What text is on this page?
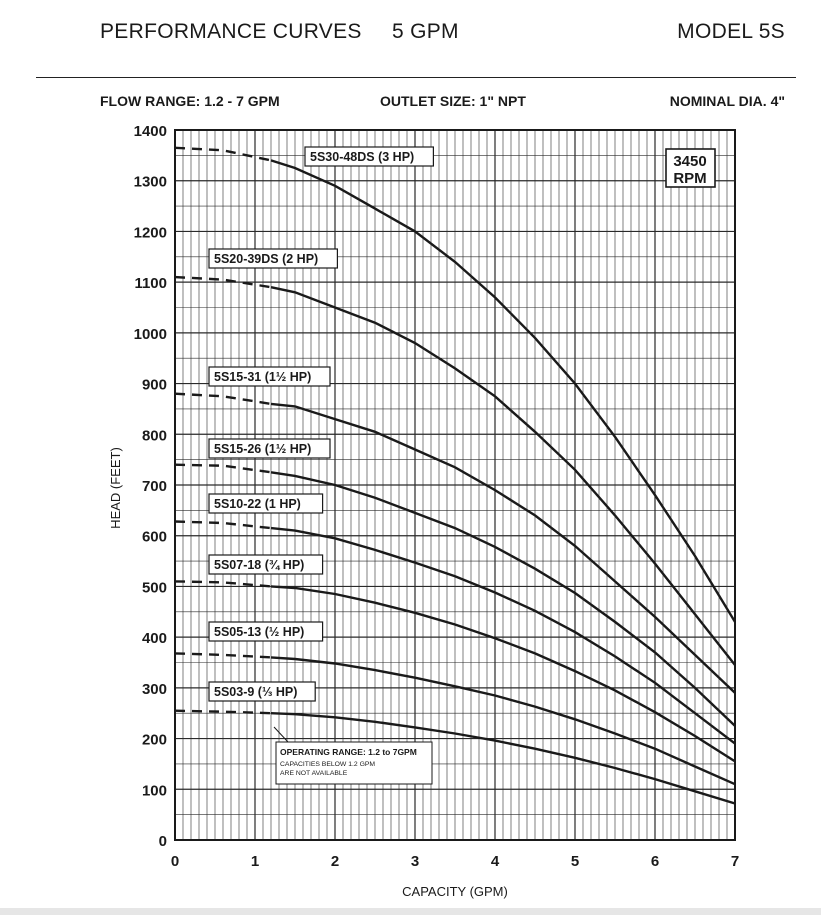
PERFORMANCE CURVES 5 GPM	MODEL 5S
FLOW RANGE: 1.2 - 7 GPM	OUTLET SIZE: 1" NPT	NOMINAL DIA. 4"
0	1	2	3	4	5	6	7
0
100
200
300
400
500
600
700
800
900
1000
1100
1200
1300
1400
CAPACITY (GPM)
HEAD (FEET)
5S30-48DS (3 HP)
5S20-39DS (2 HP)
5S15-31 (1½ HP)
5S15-26 (1½ HP)
5S10-22 (1 HP)
5S07-18 (¾ HP)
5S05-13 (½ HP)
5S03-9 (⅓ HP)
3450
RPM
OPERATING RANGE: 1.2 to 7GPM
CAPACITIES BELOW 1.2 GPM
ARE NOT AVAILABLE
